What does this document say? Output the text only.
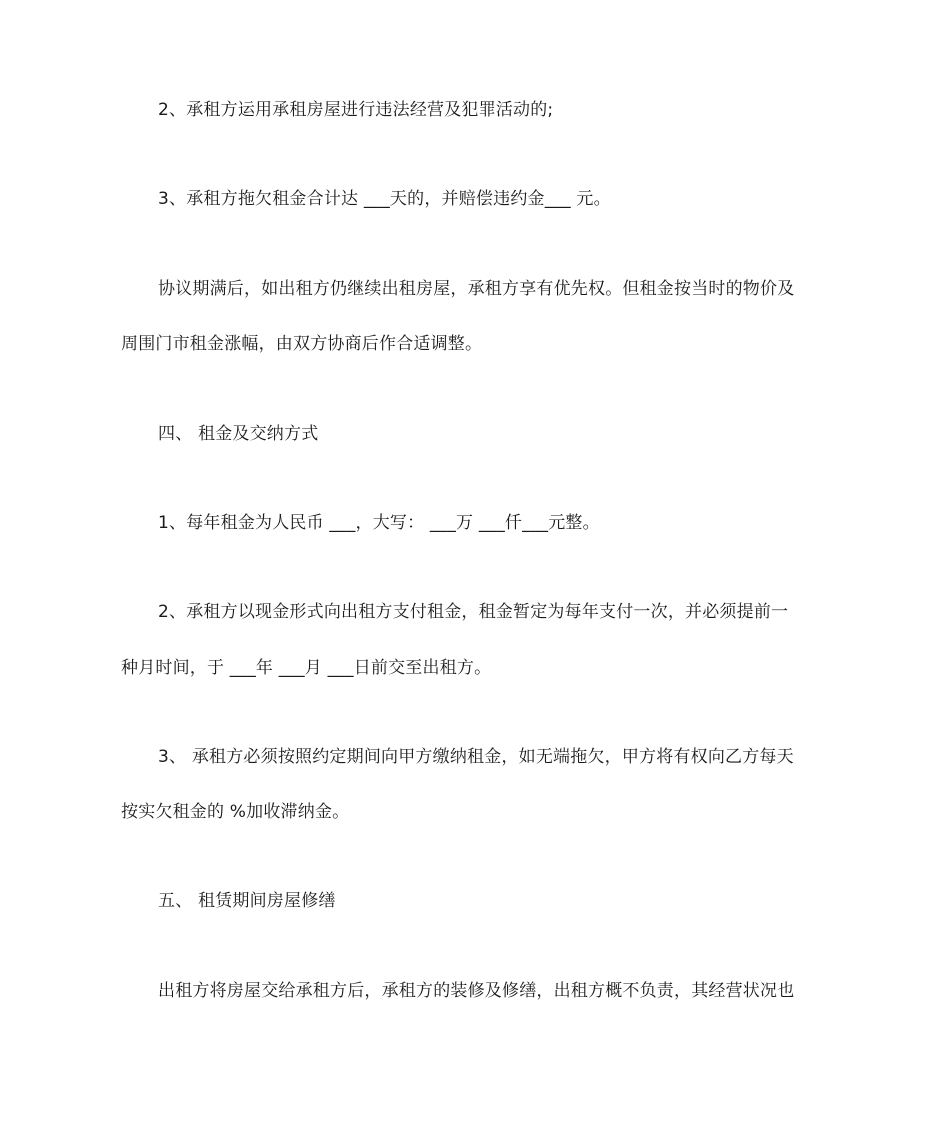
2、承租方运用承租房屋进行违法经营及犯罪活动的;
3、承租方拖欠租金合计达 ___天的，并赔偿违约金___ 元。
协议期满后，如出租方仍继续出租房屋，承租方享有优先权。但租金按当时的物价及
周围门市租金涨幅，由双方协商后作合适调整。
四、 租金及交纳方式
1、每年租金为人民币 ___，大写： ___万 ___仟___元整。
2、承租方以现金形式向出租方支付租金，租金暂定为每年支付一次，并必须提前一
种月时间，于 ___年 ___月 ___日前交至出租方。
3、 承租方必须按照约定期间向甲方缴纳租金，如无端拖欠，甲方将有权向乙方每天
按实欠租金的 %加收滞纳金。
五、 租赁期间房屋修缮
出租方将房屋交给承租方后，承租方的装修及修缮，出租方概不负责，其经营状况也
